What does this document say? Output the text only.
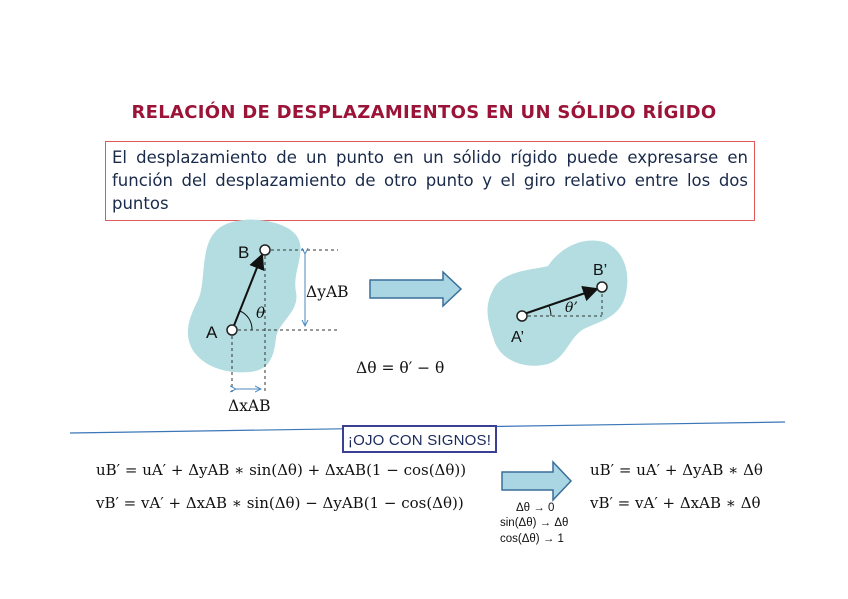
RELACIÓN DE DESPLAZAMIENTOS EN UN SÓLIDO RÍGIDO
El desplazamiento de un punto en un sólido rígido puede expresarse en función del desplazamiento de otro punto y el giro relativo entre los dos puntos
A
B
θ
A’
B’
θ’
ΔyAB
ΔxAB
Δθ = θ′ − θ
¡OJO CON SIGNOS!
uB′ = uA′ + ΔyAB ∗ sin(Δθ) + ΔxAB(1 − cos(Δθ))
vB′ = vA′ + ΔxAB ∗ sin(Δθ) − ΔyAB(1 − cos(Δθ))	Δθ → 0
sin(Δθ) → Δθ
cos(Δθ) → 1
uB′ = uA′ + ΔyAB ∗ Δθ
vB′ = vA′ + ΔxAB ∗ Δθ
